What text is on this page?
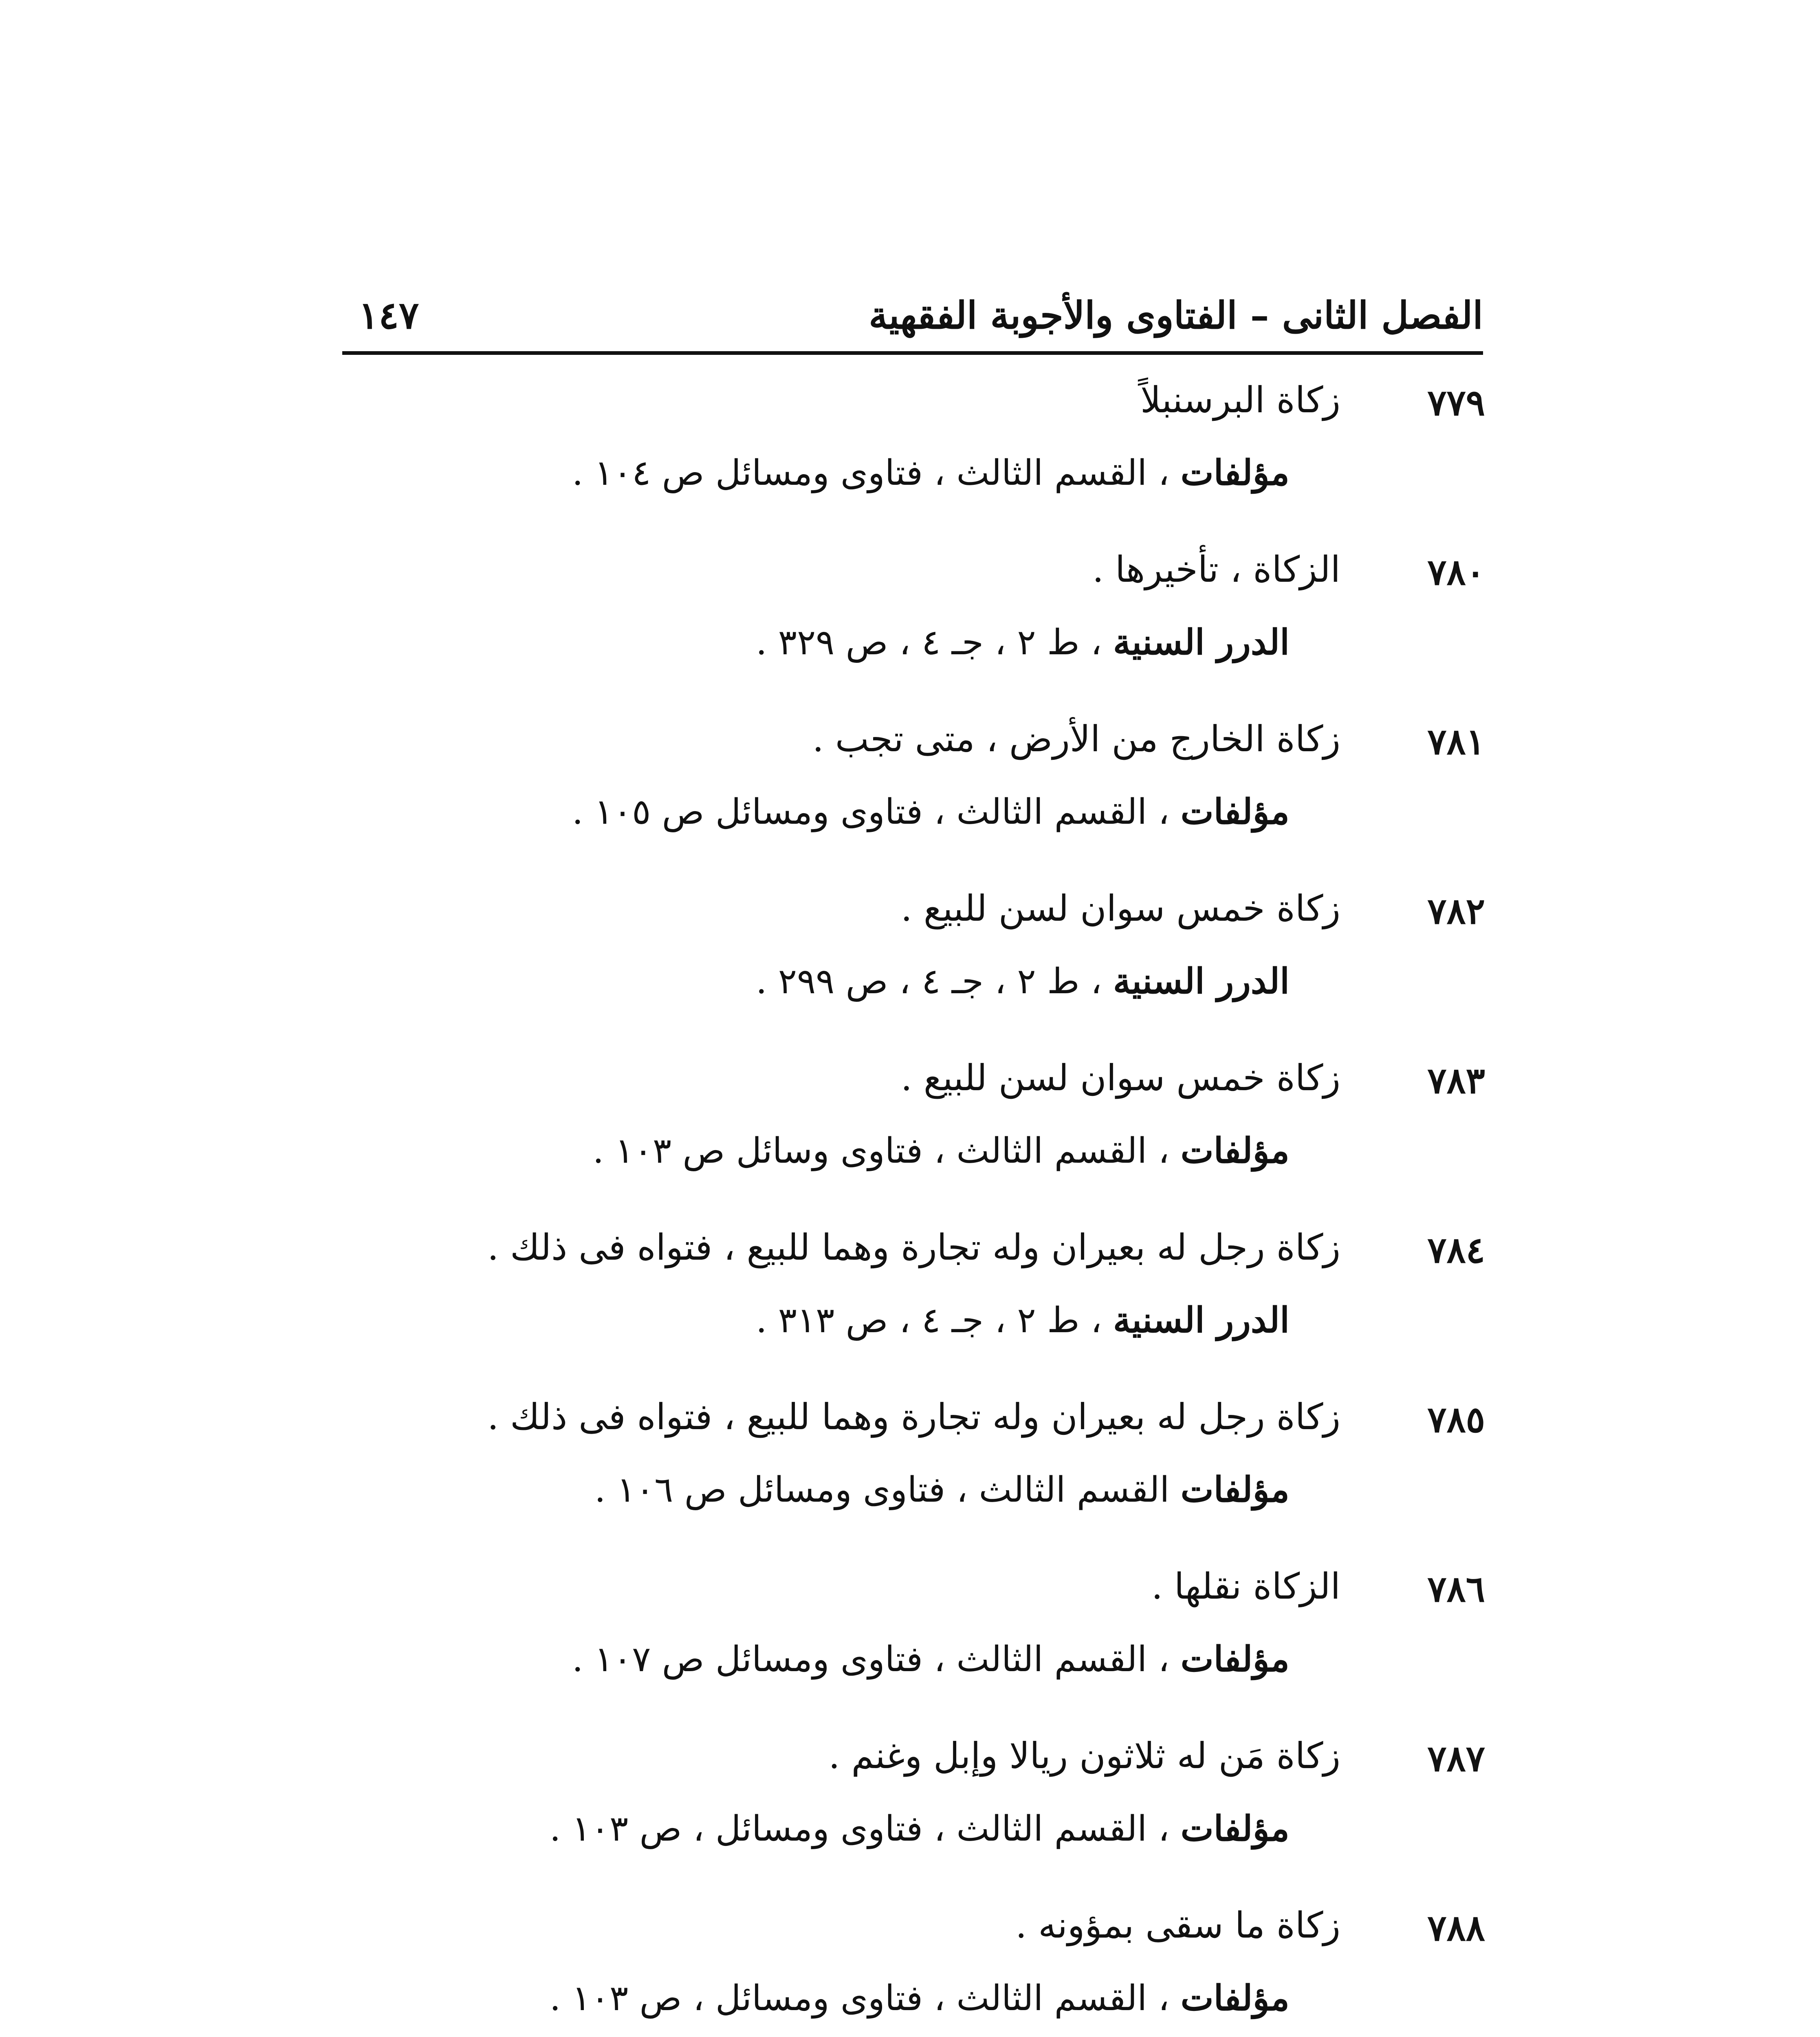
الفصل الثانى – الفتاوى والأجوبة الفقهية
١٤٧
٧٧٩
زكاة البرسنبلاً
مؤلفات ، القسم الثالث ، فتاوى ومسائل ص ١٠٤ .
٧٨٠
الزكاة ، تأخيرها .
الدرر السنية ، ط ٢ ، جـ ٤ ، ص ٣٢٩ .
٧٨١
زكاة الخارج من الأرض ، متى تجب .
مؤلفات ، القسم الثالث ، فتاوى ومسائل ص ١٠٥ .
٧٨٢
زكاة خمس سوان لسن للبيع .
الدرر السنية ، ط ٢ ، جـ ٤ ، ص ٢٩٩ .
٧٨٣
زكاة خمس سوان لسن للبيع .
مؤلفات ، القسم الثالث ، فتاوى وسائل ص ١٠٣ .
٧٨٤
زكاة رجل له بعيران وله تجارة وهما للبيع ، فتواه فى ذلك .
الدرر السنية ، ط ٢ ، جـ ٤ ، ص ٣١٣ .
٧٨٥
زكاة رجل له بعيران وله تجارة وهما للبيع ، فتواه فى ذلك .
مؤلفات القسم الثالث ، فتاوى ومسائل ص ١٠٦ .
٧٨٦
الزكاة نقلها .
مؤلفات ، القسم الثالث ، فتاوى ومسائل ص ١٠٧ .
٧٨٧
زكاة مَن له ثلاثون ريالا وإبل وغنم .
مؤلفات ، القسم الثالث ، فتاوى ومسائل ، ص ١٠٣ .
٧٨٨
زكاة ما سقى بمؤونه .
مؤلفات ، القسم الثالث ، فتاوى ومسائل ، ص ١٠٣ .
